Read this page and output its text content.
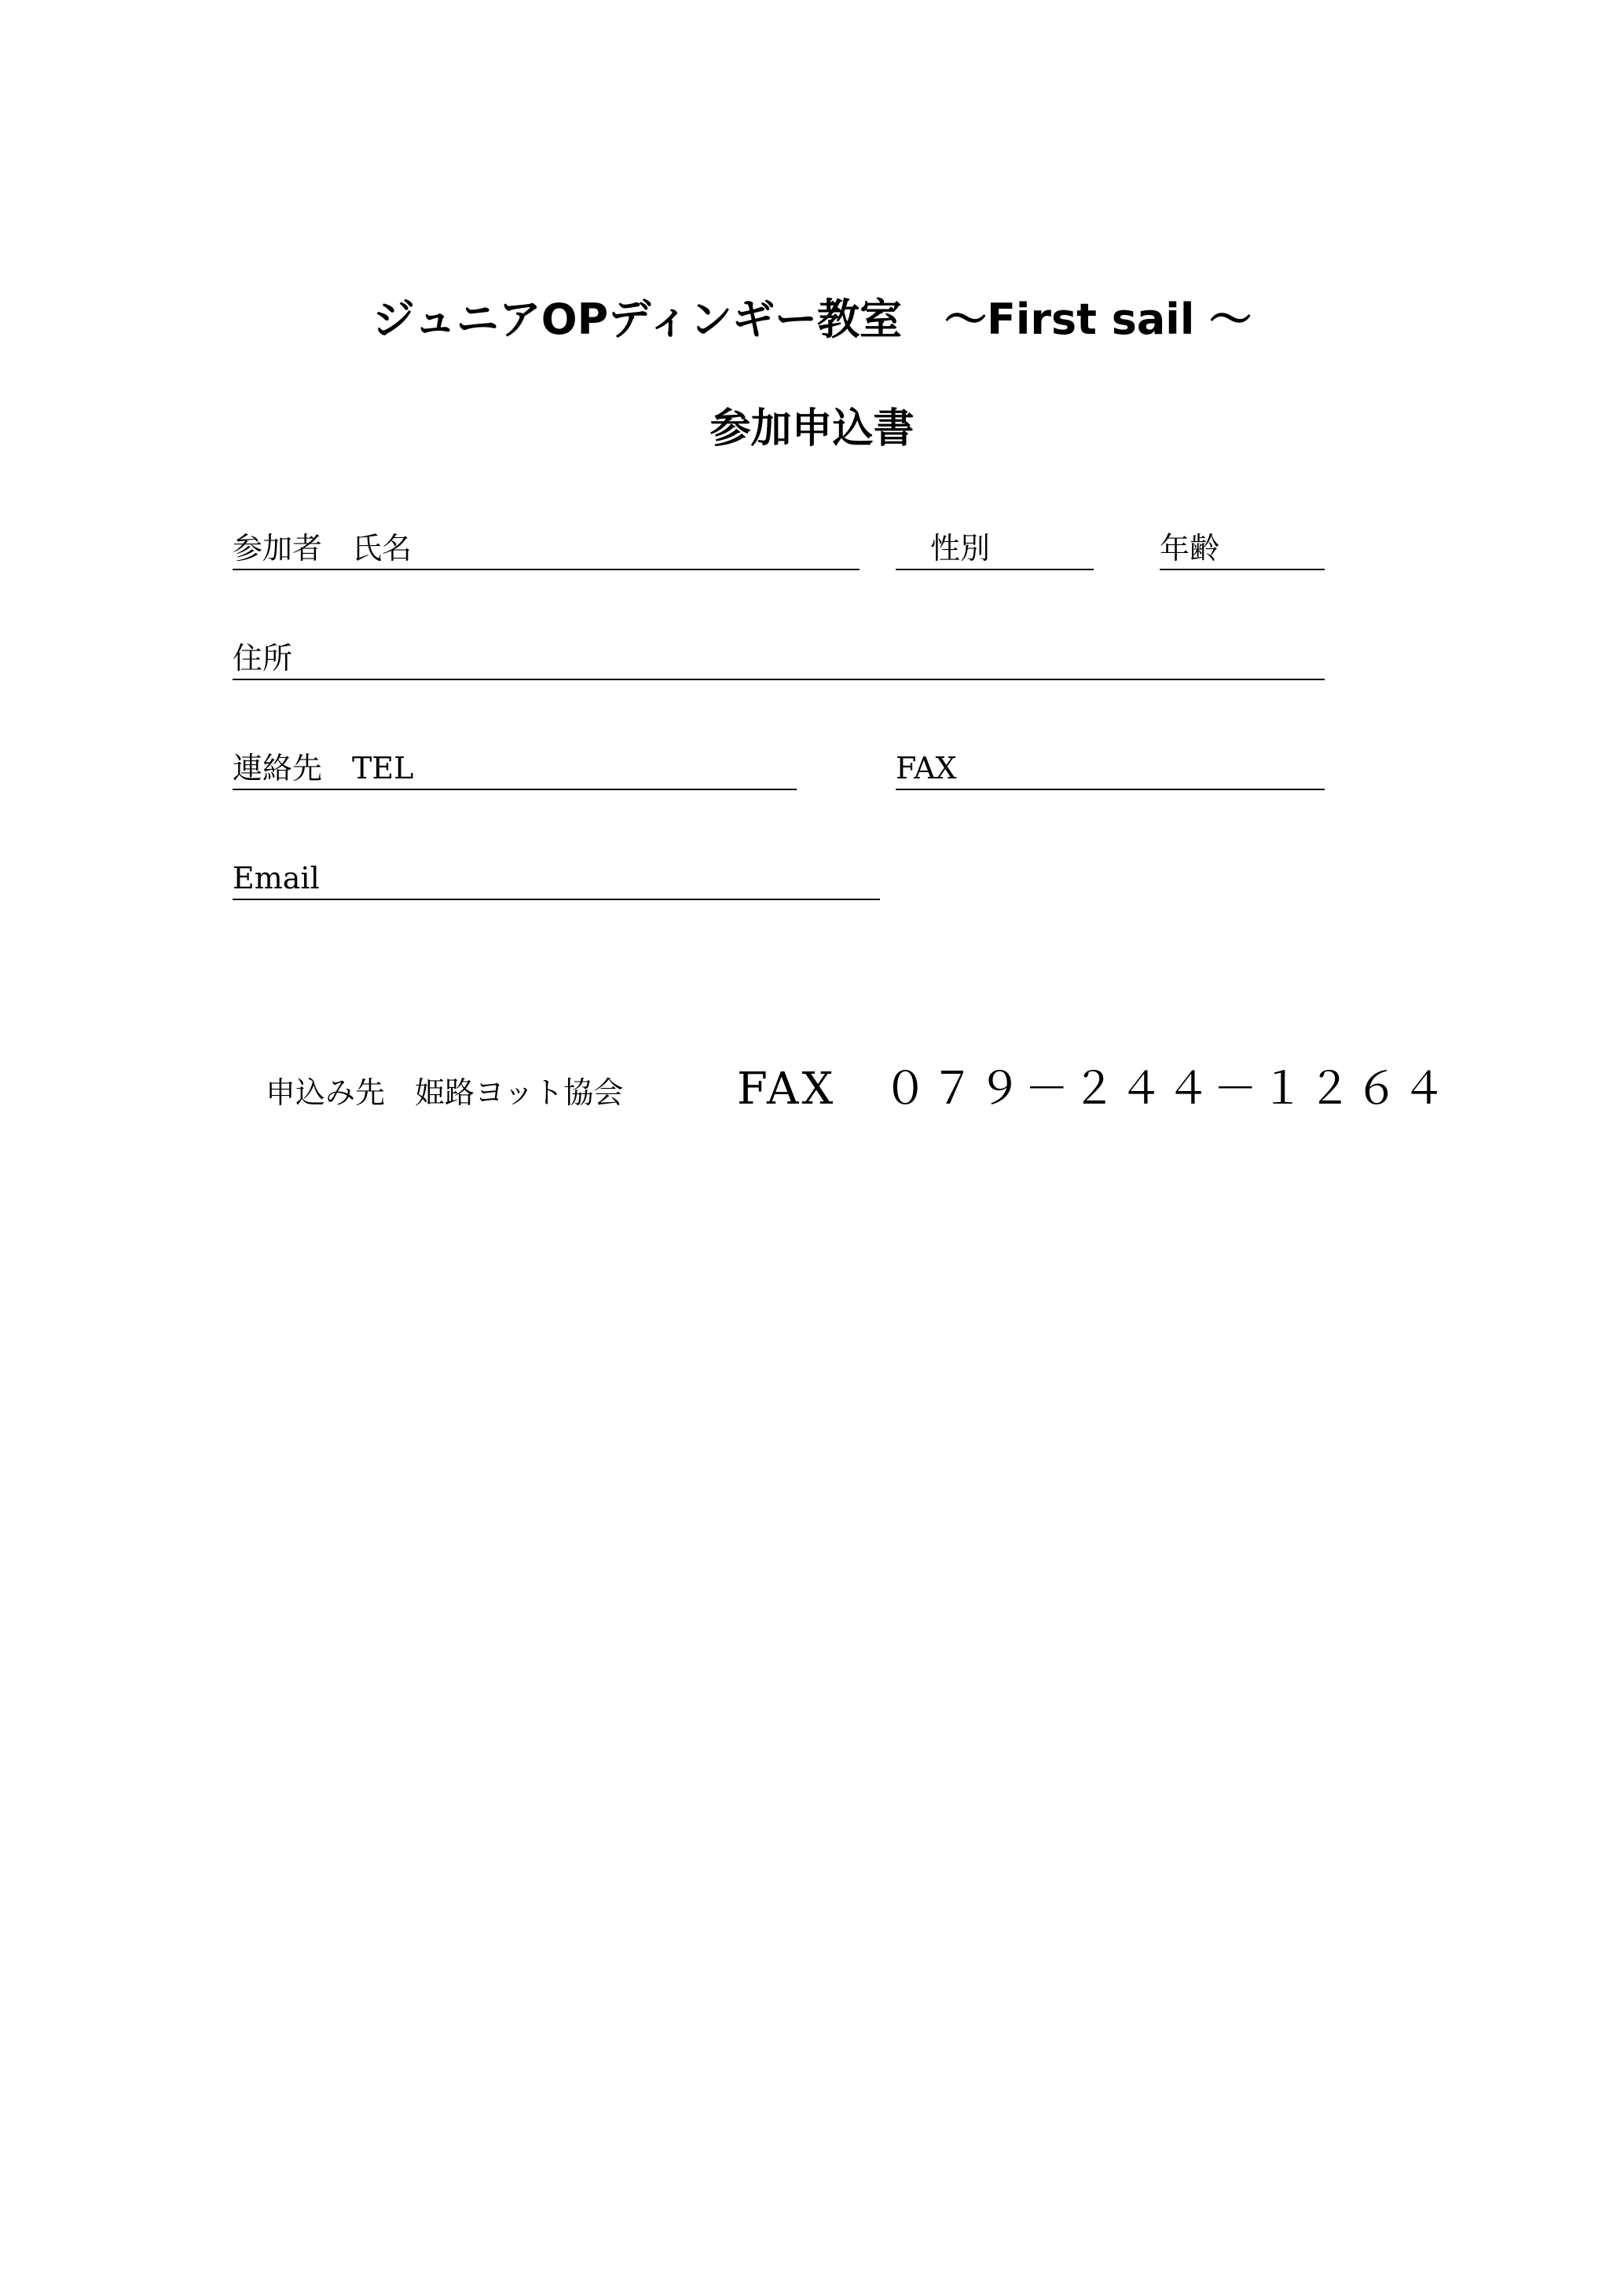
ジュニアOPディンギー教室　～First sail ～
参加申込書
参加者　氏名	性別	年齢
住所
連絡先　TEL	FAX
Email
申込み先　姫路ヨット協会	FAX　０７９－２４４－１２６４
